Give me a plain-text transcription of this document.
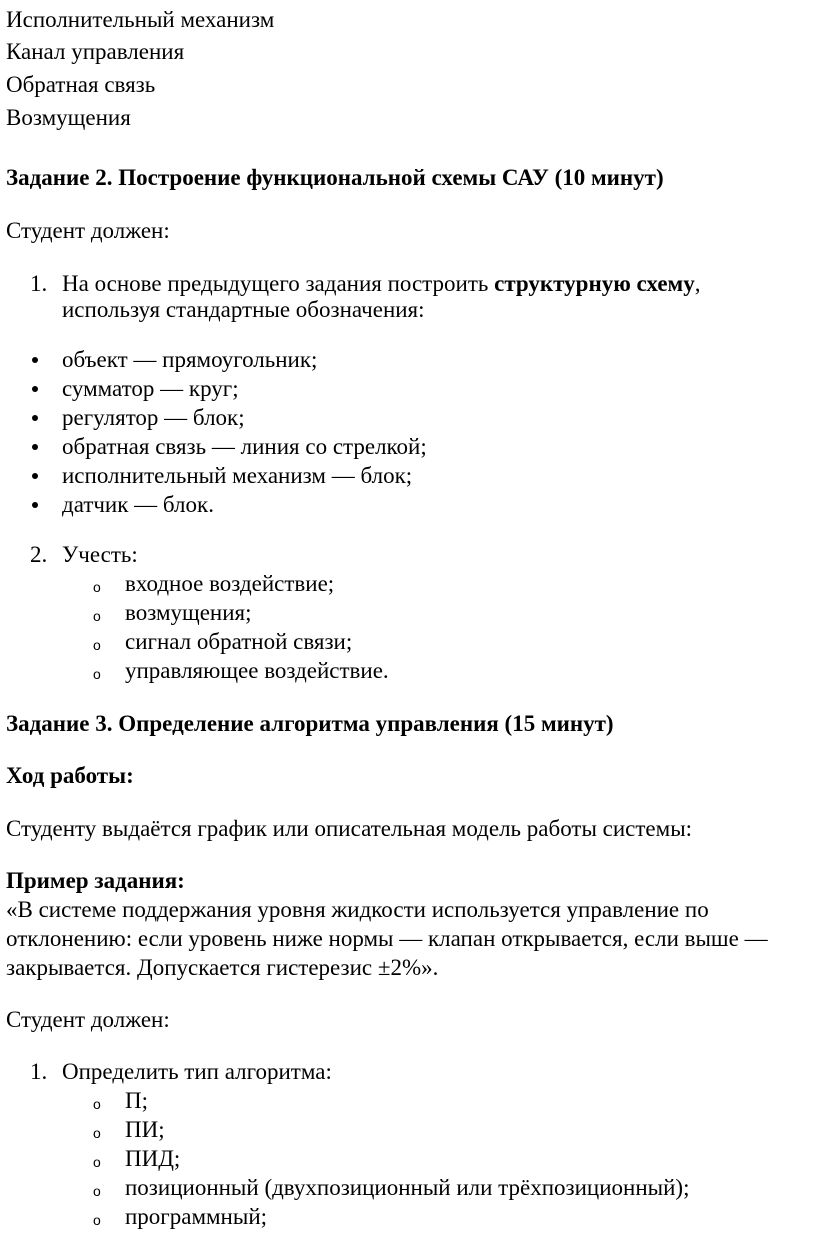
Исполнительный механизм
Канал управления
Обратная связь
Возмущения
Задание 2. Построение функциональной схемы САУ (10 минут)
Студент должен:
1. На основе предыдущего задания построить структурную схему,
используя стандартные обозначения:
объект — прямоугольник;
сумматор — круг;
регулятор — блок;
обратная связь — линия со стрелкой;
исполнительный механизм — блок;
датчик — блок.
2. Учесть:
o входное воздействие;
o возмущения;
o сигнал обратной связи;
o управляющее воздействие.
Задание 3. Определение алгоритма управления (15 минут)
Ход работы:
Студенту выдаётся график или описательная модель работы системы:
Пример задания:
«В системе поддержания уровня жидкости используется управление по
отклонению: если уровень ниже нормы — клапан открывается, если выше —
закрывается. Допускается гистерезис ±2%».
Студент должен:
1. Определить тип алгоритма:
o П;
o ПИ;
o ПИД;
o позиционный (двухпозиционный или трёхпозиционный);
o программный;
